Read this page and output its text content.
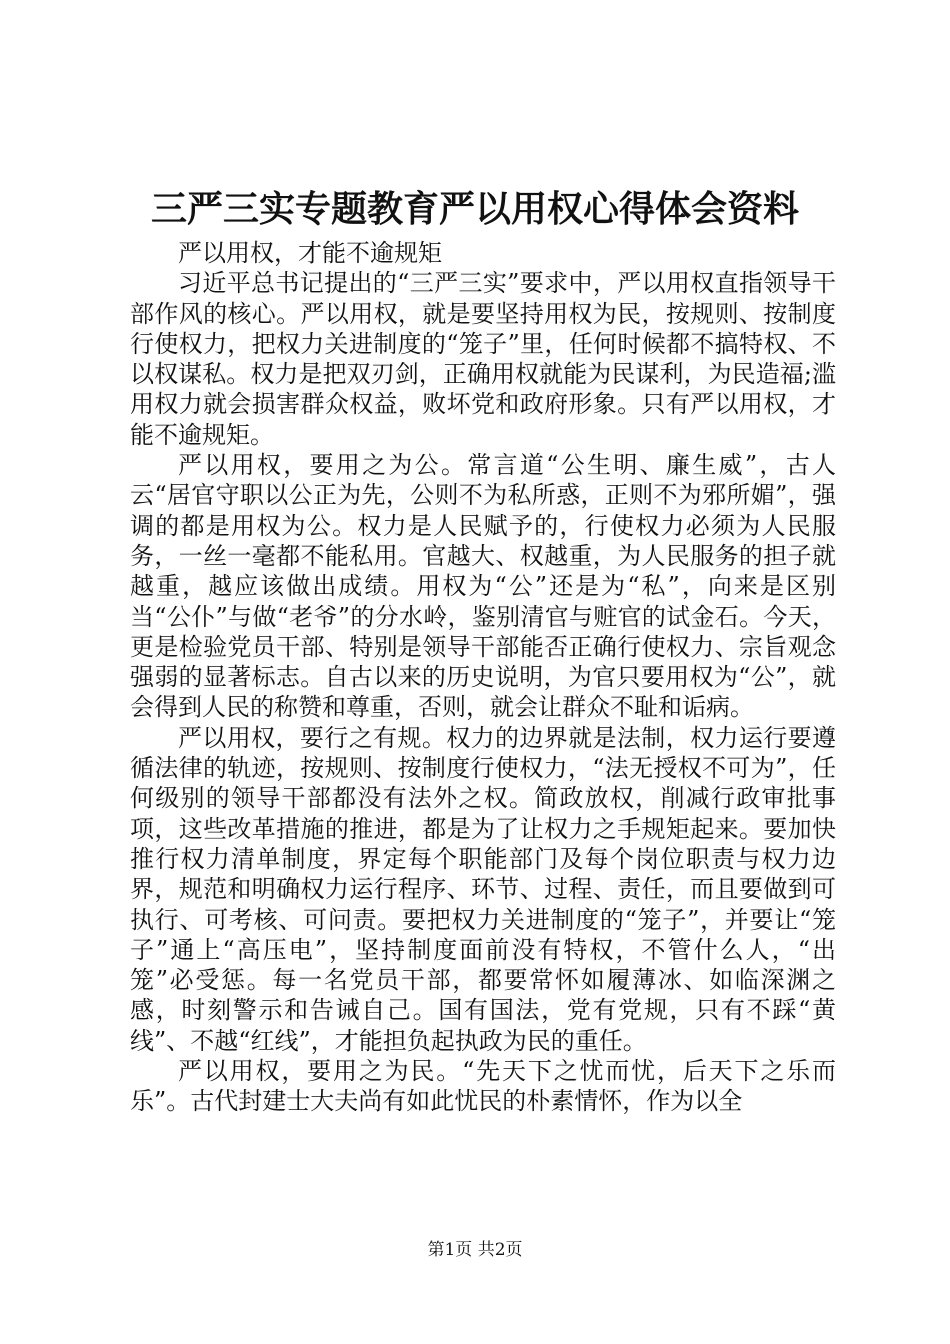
三严三实专题教育严以用权心得体会资料

严以用权，才能不逾规矩

习近平总书记提出的“三严三实”要求中，严以用权直指领导干部作风的核心。严以用权，就是要坚持用权为民，按规则、按制度行使权力，把权力关进制度的“笼子”里，任何时候都不搞特权、不以权谋私。权力是把双刃剑，正确用权就能为民谋利，为民造福;滥用权力就会损害群众权益，败坏党和政府形象。只有严以用权，才能不逾规矩。

严以用权，要用之为公。常言道“公生明、廉生威”，古人云“居官守职以公正为先，公则不为私所惑，正则不为邪所媚”，强调的都是用权为公。权力是人民赋予的，行使权力必须为人民服务，一丝一毫都不能私用。官越大、权越重，为人民服务的担子就越重，越应该做出成绩。用权为“公”还是为“私”，向来是区别当“公仆”与做“老爷”的分水岭，鉴别清官与赃官的试金石。今天，更是检验党员干部、特别是领导干部能否正确行使权力、宗旨观念强弱的显著标志。自古以来的历史说明，为官只要用权为“公”，就会得到人民的称赞和尊重，否则，就会让群众不耻和诟病。

严以用权，要行之有规。权力的边界就是法制，权力运行要遵循法律的轨迹，按规则、按制度行使权力，“法无授权不可为”，任何级别的领导干部都没有法外之权。简政放权，削减行政审批事项，这些改革措施的推进，都是为了让权力之手规矩起来。要加快推行权力清单制度，界定每个职能部门及每个岗位职责与权力边界，规范和明确权力运行程序、环节、过程、责任，而且要做到可执行、可考核、可问责。要把权力关进制度的“笼子”，并要让“笼子”通上“高压电”，坚持制度面前没有特权，不管什么人，“出笼”必受惩。每一名党员干部，都要常怀如履薄冰、如临深渊之感，时刻警示和告诫自己。国有国法，党有党规，只有不踩“黄线”、不越“红线”，才能担负起执政为民的重任。

严以用权，要用之为民。“先天下之忧而忧，后天下之乐而乐”。古代封建士大夫尚有如此忧民的朴素情怀，作为以全

第1页 共2页
